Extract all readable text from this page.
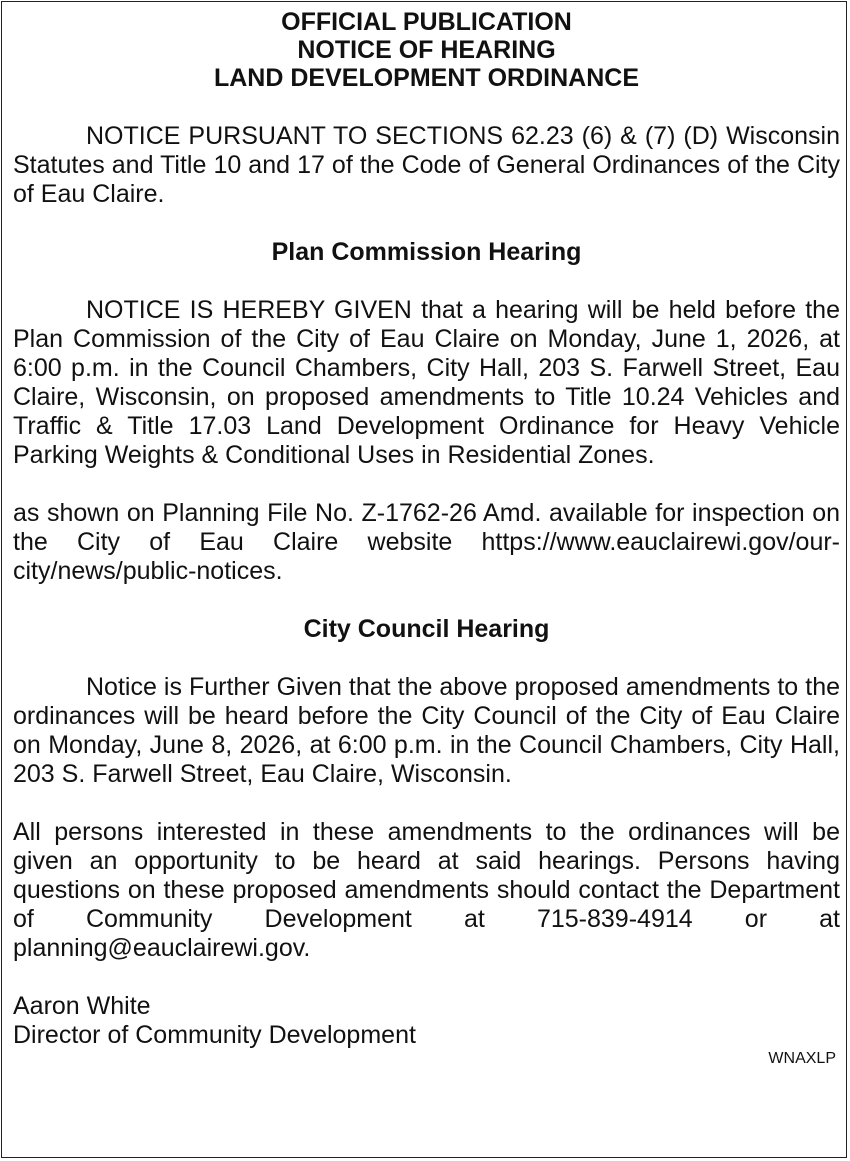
OFFICIAL PUBLICATION

NOTICE OF HEARING

LAND DEVELOPMENT ORDINANCE

NOTICE PURSUANT TO SECTIONS 62.23 (6) & (7) (D) Wisconsin Statutes and Title 10 and 17 of the Code of General Ordinances of the City of Eau Claire.

Plan Commission Hearing

NOTICE IS HEREBY GIVEN that a hearing will be held before the Plan Commission of the City of Eau Claire on Monday, June 1, 2026, at 6:00 p.m. in the Council Chambers, City Hall, 203 S. Farwell Street, Eau Claire, Wisconsin, on proposed amendments to Title 10.24 Vehicles and Traffic & Title 17.03 Land Development Ordinance for Heavy Vehicle Parking Weights & Conditional Uses in Residential Zones.

as shown on Planning File No. Z-1762-26 Amd. available for inspection on the City of Eau Claire website https://www.eauclairewi.gov/our-city/news/public-notices.

City Council Hearing

Notice is Further Given that the above proposed amendments to the ordinances will be heard before the City Council of the City of Eau Claire on Monday, June 8, 2026, at 6:00 p.m. in the Council Chambers, City Hall, 203 S. Farwell Street, Eau Claire, Wisconsin.

All persons interested in these amendments to the ordinances will be given an opportunity to be heard at said hearings. Persons having questions on these proposed amendments should contact the Department of Community Development at 715-839-4914 or at planning@eauclairewi.gov.

Aaron White

Director of Community Development

WNAXLP
